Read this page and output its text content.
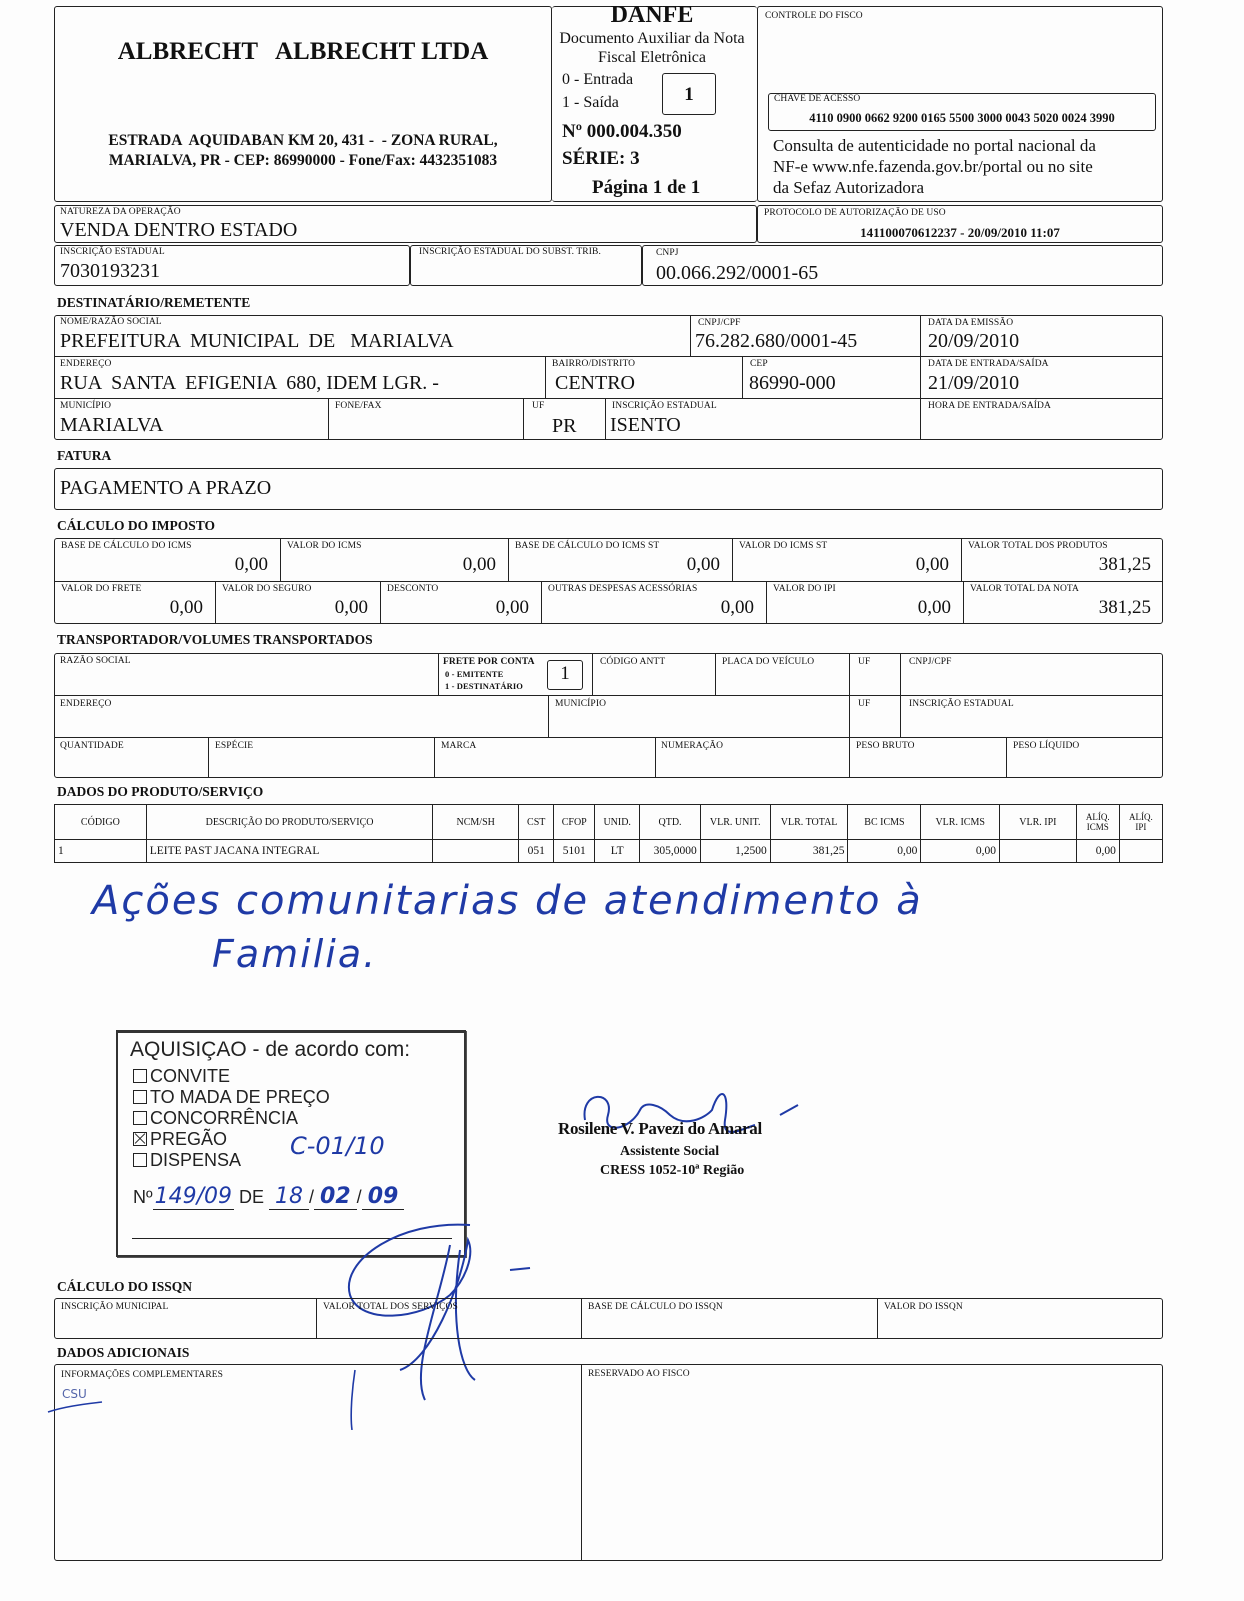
ALBRECHT   ALBRECHT LTDA
ESTRADA  AQUIDABAN KM 20, 431 -  - ZONA RURAL,
MARIALVA, PR - CEP: 86990000 - Fone/Fax: 4432351083
DANFE
Documento Auxiliar da Nota
Fiscal Eletrônica
0 - Entrada
1 - Saída	1
Nº 000.004.350
SÉRIE: 3
Página 1 de 1
CONTROLE DO FISCO
CHAVE DE ACESSO
4110 0900 0662 9200 0165 5500 3000 0043 5020 0024 3990
Consulta de autenticidade no portal nacional da
NF-e www.nfe.fazenda.gov.br/portal ou no site
da Sefaz Autorizadora
NATUREZA DA OPERAÇÃO
VENDA DENTRO ESTADO
PROTOCOLO DE AUTORIZAÇÃO DE USO
141100070612237 - 20/09/2010 11:07
INSCRIÇÃO ESTADUAL
7030193231
INSCRIÇÃO ESTADUAL DO SUBST. TRIB.	CNPJ
00.066.292/0001-65
DESTINATÁRIO/REMETENTE
NOME/RAZÃO SOCIAL
PREFEITURA  MUNICIPAL  DE   MARIALVA
CNPJ/CPF
76.282.680/0001-45
DATA DA EMISSÃO
20/09/2010
ENDEREÇO
RUA  SANTA  EFIGENIA  680, IDEM LGR. -
BAIRRO/DISTRITO
CENTRO
CEP
86990-000
DATA DE ENTRADA/SAÍDA
21/09/2010
MUNICÍPIO
MARIALVA
FONE/FAX	UF
PR
INSCRIÇÃO ESTADUAL
ISENTO
HORA DE ENTRADA/SAÍDA
FATURA
PAGAMENTO A PRAZO
CÁLCULO DO IMPOSTO
BASE DE CÁLCULO DO ICMS
0,00
VALOR DO ICMS
0,00
BASE DE CÁLCULO DO ICMS ST
0,00
VALOR DO ICMS ST
0,00
VALOR TOTAL DOS PRODUTOS
381,25
VALOR DO FRETE
0,00
VALOR DO SEGURO
0,00
DESCONTO
0,00
OUTRAS DESPESAS ACESSÓRIAS
0,00
VALOR DO IPI
0,00
VALOR TOTAL DA NOTA
381,25
TRANSPORTADOR/VOLUMES TRANSPORTADOS
RAZÃO SOCIAL	FRETE POR CONTA
0 - EMITENTE
1 - DESTINATÁRIO
1
CÓDIGO ANTT	PLACA DO VEÍCULO	UF	CNPJ/CPF
ENDEREÇO	MUNICÍPIO	UF	INSCRIÇÃO ESTADUAL
QUANTIDADE	ESPÉCIE	MARCA	NUMERAÇÃO	PESO BRUTO	PESO LÍQUIDO
DADOS DO PRODUTO/SERVIÇO
CÓDIGO	DESCRIÇÃO DO PRODUTO/SERVIÇO	NCM/SH	CST	CFOP	UNID.	QTD.	VLR. UNIT.	VLR. TOTAL	BC ICMS	VLR. ICMS	VLR. IPI	ALÍQ. ICMS	ALÍQ. IPI
1	LEITE PAST JACANA INTEGRAL		051	5101	LT	305,0000	1,2500	381,25	0,00	0,00		0,00	
Ações comunitarias de atendimento à
Familia.
AQUISIÇAO - de acordo com:
CONVITE
TO MADA DE PREÇO
CONCORRÊNCIA
PREGÃO
DISPENSA
Nº149/09 DE 18 / 02 / 09
C-01/10
Rosilene V. Pavezi do Amaral
Assistente Social
CRESS 1052-10ª Região
CÁLCULO DO ISSQN
INSCRIÇÃO MUNICIPAL	VALOR TOTAL DOS SERVIÇOS	BASE DE CÁLCULO DO ISSQN	VALOR DO ISSQN
DADOS ADICIONAIS
INFORMAÇÕES COMPLEMENTARES	RESERVADO AO FISCO
CSU
